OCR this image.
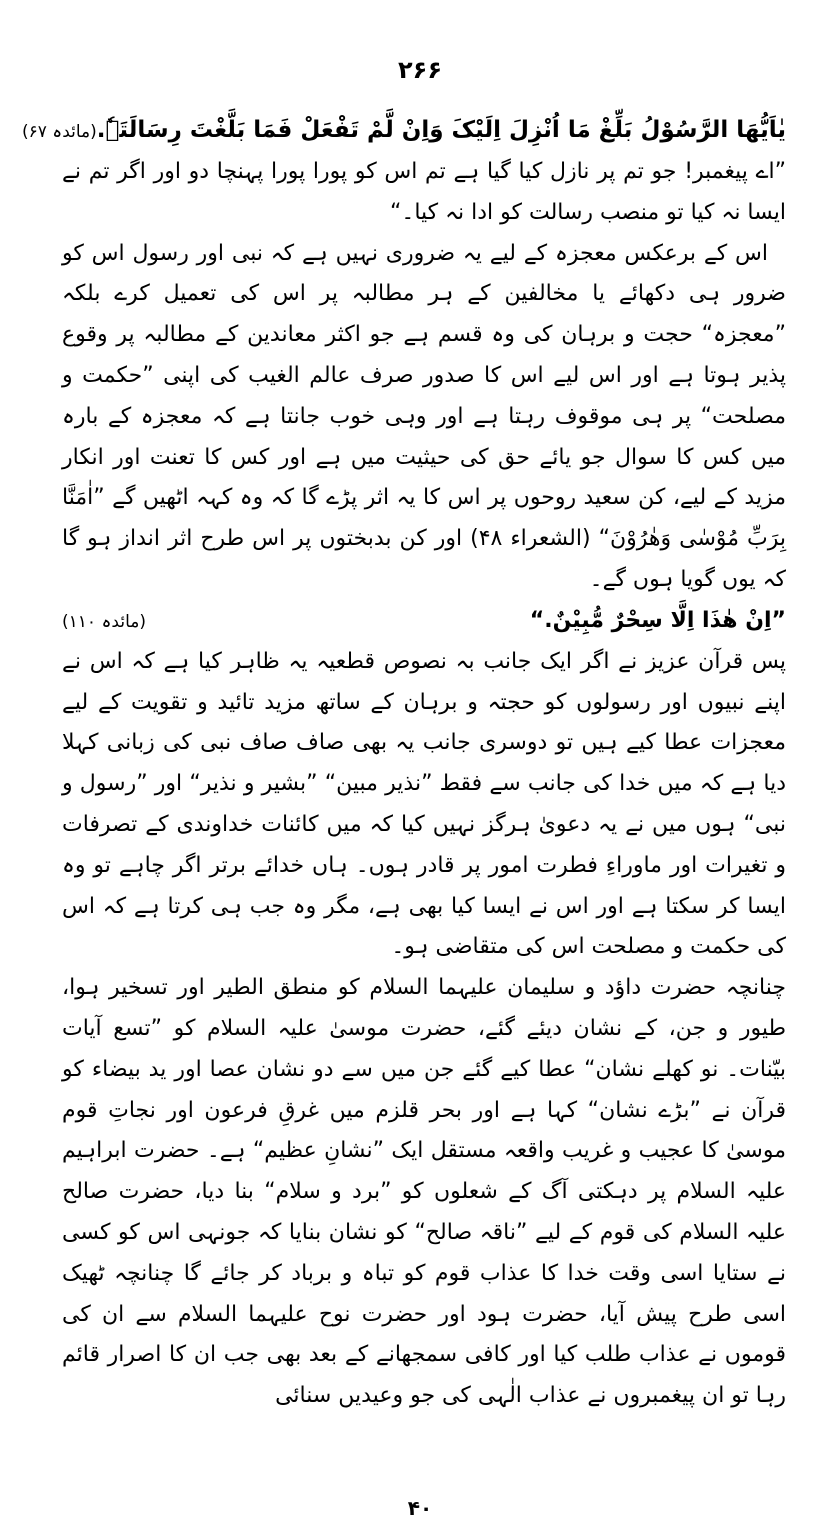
۲۶۶
یٰاَیُّھَا الرَّسُوْلُ بَلِّغْ مَا اُنْزِلَ اِلَیْکَ وَاِنْ لَّمْ تَفْعَلْ فَمَا بَلَّغْتَ رِسَالَتَہٗ.
(مائدہ ۶۷)

”اے پیغمبر! جو تم پر نازل کیا گیا ہے تم اس کو پورا پورا پہنچا دو اور اگر تم نے ایسا نہ کیا تو منصب رسالت کو ادا نہ کیا۔“

اس کے برعکس معجزہ کے لیے یہ ضروری نہیں ہے کہ نبی اور رسول اس کو ضرور ہی دکھائے یا مخالفین کے ہر مطالبہ پر اس کی تعمیل کرے بلکہ ”معجزہ“ حجت و برہان کی وہ قسم ہے جو اکثر معاندین کے مطالبہ پر وقوع پذیر ہوتا ہے اور اس لیے اس کا صدور صرف عالم الغیب کی اپنی ”حکمت و مصلحت“ پر ہی موقوف رہتا ہے اور وہی خوب جانتا ہے کہ معجزہ کے بارہ میں کس کا سوال جو یائے حق کی حیثیت میں ہے اور کس کا تعنت اور انکار مزید کے لیے، کن سعید روحوں پر اس کا یہ اثر پڑے گا کہ وہ کہہ اٹھیں گے ”اٰمَنَّا بِرَبِّ مُوْسٰی وَھٰرُوْنَ“ (الشعراء ۴۸) اور کن بدبختوں پر اس طرح اثر انداز ہو گا کہ یوں گویا ہوں گے۔

”اِنْ ھٰذَا اِلَّا سِحْرٌ مُّبِیْنٌ.“
(مائدہ ۱۱۰)

پس قرآن عزیز نے اگر ایک جانب بہ نصوص قطعیہ یہ ظاہر کیا ہے کہ اس نے اپنے نبیوں اور رسولوں کو حجتہ و برہان کے ساتھ مزید تائید و تقویت کے لیے معجزات عطا کیے ہیں تو دوسری جانب یہ بھی صاف صاف نبی کی زبانی کہلا دیا ہے کہ میں خدا کی جانب سے فقط ”نذیر مبین“ ”بشیر و نذیر“ اور ”رسول و نبی“ ہوں میں نے یہ دعویٰ ہرگز نہیں کیا کہ میں کائنات خداوندی کے تصرفات و تغیرات اور ماوراءِ فطرت امور پر قادر ہوں۔ ہاں خدائے برتر اگر چاہے تو وہ ایسا کر سکتا ہے اور اس نے ایسا کیا بھی ہے، مگر وہ جب ہی کرتا ہے کہ اس کی حکمت و مصلحت اس کی متقاضی ہو۔

چنانچہ حضرت داؤد و سلیمان علیہما السلام کو منطق الطیر اور تسخیر ہوا، طیور و جن، کے نشان دیئے گئے، حضرت موسیٰ علیہ السلام کو ”تسع آیات بیّنات۔ نو کھلے نشان“ عطا کیے گئے جن میں سے دو نشان عصا اور ید بیضاء کو قرآن نے ”بڑے نشان“ کہا ہے اور بحر قلزم میں غرقِ فرعون اور نجاتِ قوم موسیٰ کا عجیب و غریب واقعہ مستقل ایک ”نشانِ عظیم“ ہے۔ حضرت ابراہیم علیہ السلام پر دہکتی آگ کے شعلوں کو ”برد و سلام“ بنا دیا، حضرت صالح علیہ السلام کی قوم کے لیے ”ناقہ صالح“ کو نشان بنایا کہ جونہی اس کو کسی نے ستایا اسی وقت خدا کا عذاب قوم کو تباہ و برباد کر جائے گا چنانچہ ٹھیک اسی طرح پیش آیا، حضرت ہود اور حضرت نوح علیہما السلام سے ان کی قوموں نے عذاب طلب کیا اور کافی سمجھانے کے بعد بھی جب ان کا اصرار قائم رہا تو ان پیغمبروں نے عذاب الٰہی کی جو وعیدیں سنائی

۴۰
